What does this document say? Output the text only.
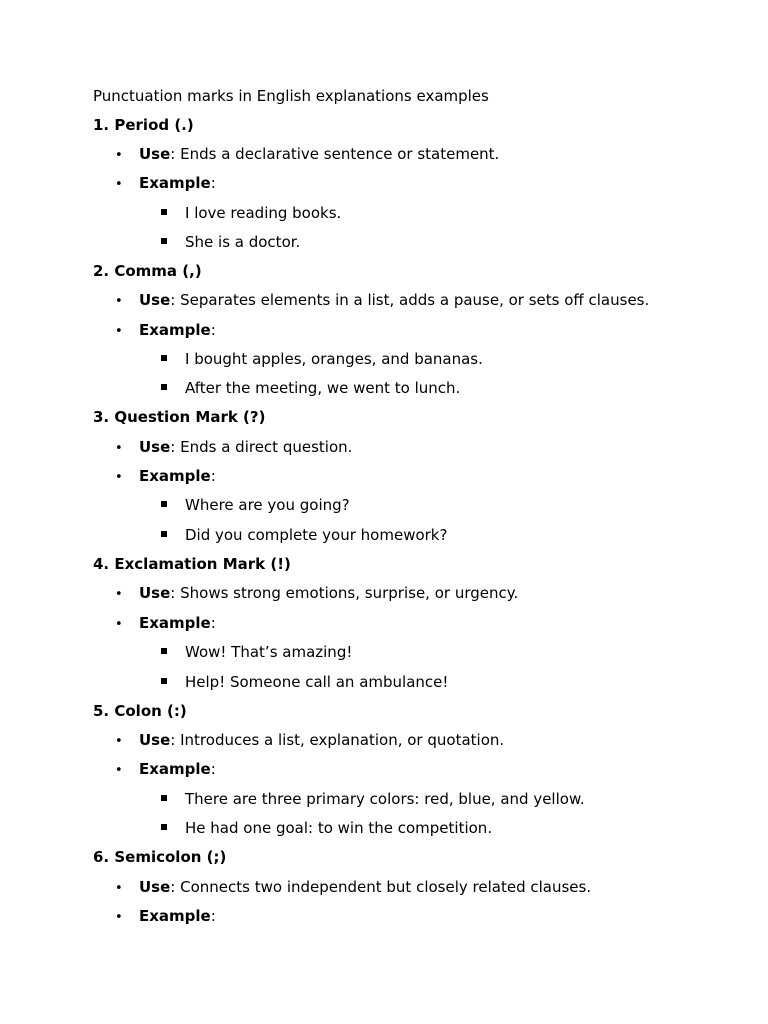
Punctuation marks in English explanations examples
1. Period (.)
• Use: Ends a declarative sentence or statement.
• Example:
I love reading books.
She is a doctor.
2. Comma (,)
• Use: Separates elements in a list, adds a pause, or sets off clauses.
• Example:
I bought apples, oranges, and bananas.
After the meeting, we went to lunch.
3. Question Mark (?)
• Use: Ends a direct question.
• Example:
Where are you going?
Did you complete your homework?
4. Exclamation Mark (!)
• Use: Shows strong emotions, surprise, or urgency.
• Example:
Wow! That’s amazing!
Help! Someone call an ambulance!
5. Colon (:)
• Use: Introduces a list, explanation, or quotation.
• Example:
There are three primary colors: red, blue, and yellow.
He had one goal: to win the competition.
6. Semicolon (;)
• Use: Connects two independent but closely related clauses.
• Example:
